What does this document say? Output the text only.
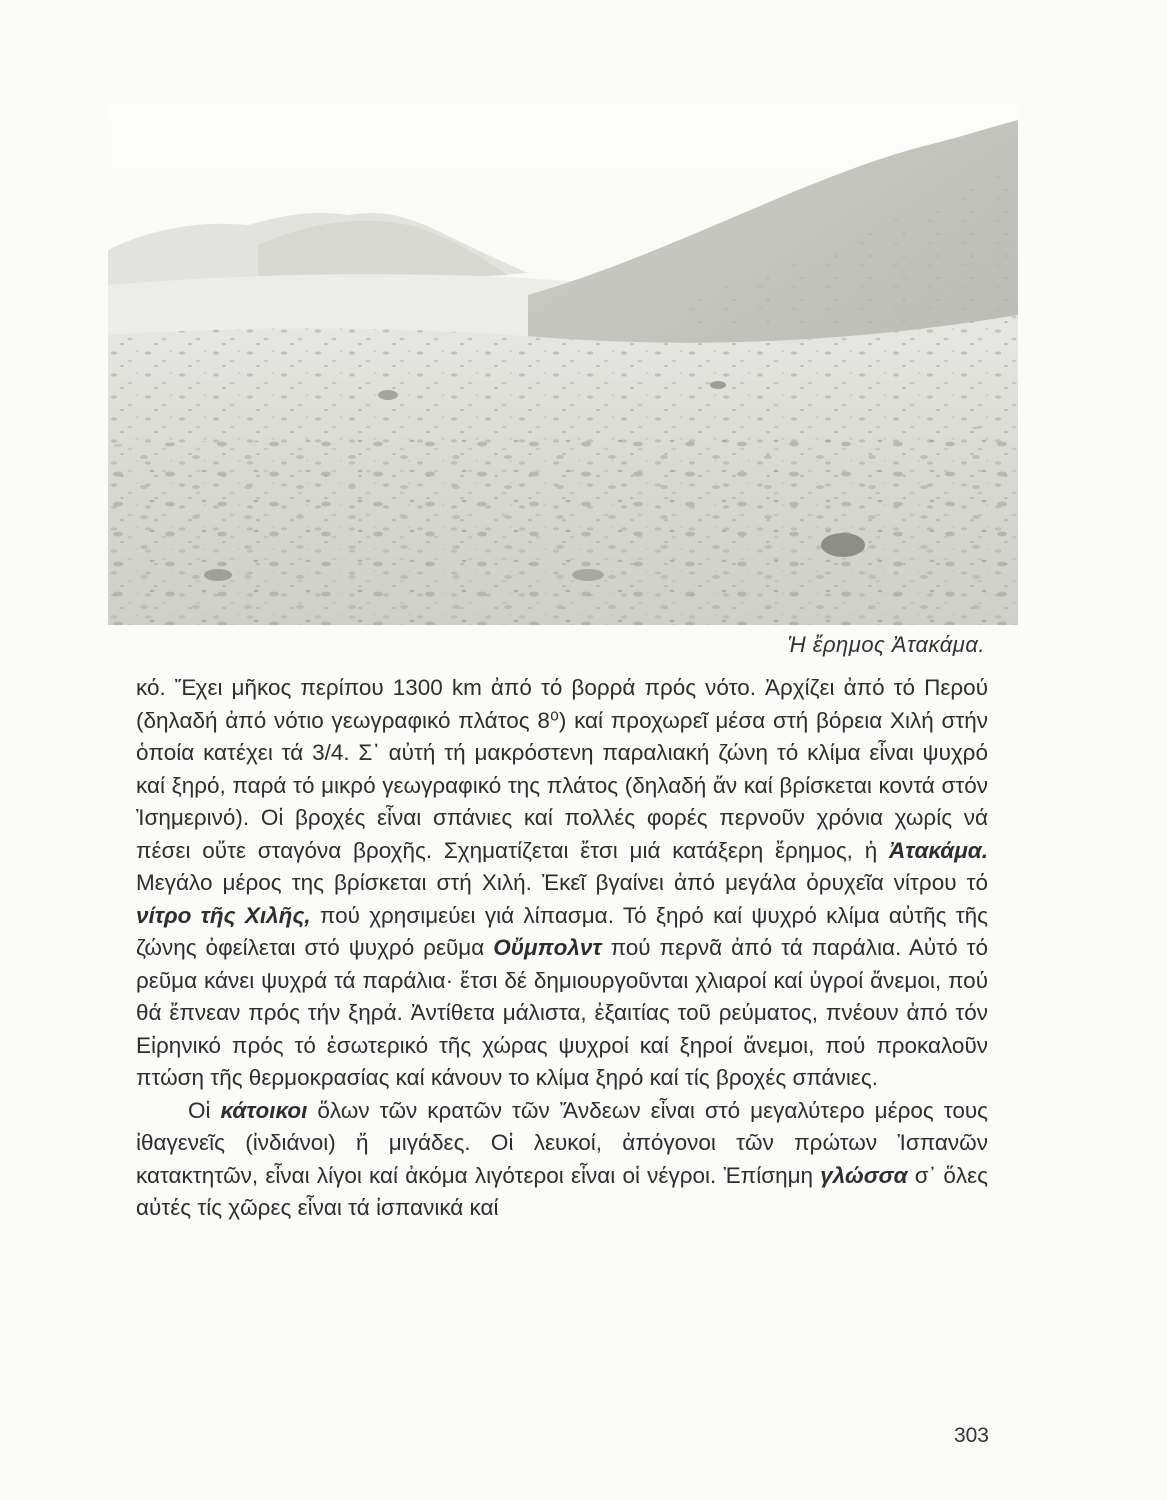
Ἡ ἔρημος Ἀτακάμα.

κό. Ἔχει μῆκος περίπου 1300 km ἀπό τό βορρά πρός νότο. Ἀρχίζει ἀπό τό Περού (δηλαδή ἀπό νότιο γεωγραφικό πλάτος 8⁰) καί προχωρεῖ μέσα στή βόρεια Χιλή στήν ὁποία κατέχει τά 3/4. Σ᾽ αὐτή τή μακρόστενη παραλιακή ζώνη τό κλίμα εἶναι ψυχρό καί ξηρό, παρά τό μικρό γεωγραφικό της πλάτος (δηλαδή ἄν καί βρίσκεται κοντά στόν Ἰσημερινό). Οἱ βροχές εἶναι σπάνιες καί πολλές φορές περνοῦν χρόνια χωρίς νά πέσει οὔτε σταγόνα βροχῆς. Σχηματίζεται ἔτσι μιά κατάξερη ἔρημος, ἡ Ἀτακάμα. Μεγάλο μέρος της βρίσκεται στή Χιλή. Ἐκεῖ βγαίνει ἀπό μεγάλα ὀρυχεῖα νίτρου τό νίτρο τῆς Χιλῆς, πού χρησιμεύει γιά λίπασμα. Τό ξηρό καί ψυχρό κλίμα αὐτῆς τῆς ζώνης ὀφείλεται στό ψυχρό ρεῦμα Οὔμπολντ πού περνᾶ ἀπό τά παράλια. Αὐτό τό ρεῦμα κάνει ψυχρά τά παράλια· ἔτσι δέ δημιουργοῦνται χλιαροί καί ὑγροί ἄνεμοι, πού θά ἔπνεαν πρός τήν ξηρά. Ἀντίθετα μάλιστα, ἐξαιτίας τοῦ ρεύματος, πνέουν ἀπό τόν Εἰρηνικό πρός τό ἐσωτερικό τῆς χώρας ψυχροί καί ξηροί ἄνεμοι, πού προκαλοῦν πτώση τῆς θερμοκρασίας καί κάνουν το κλίμα ξηρό καί τίς βροχές σπάνιες.

Οἱ κάτοικοι ὅλων τῶν κρατῶν τῶν Ἄνδεων εἶναι στό μεγαλύτερο μέρος τους ἰθαγενεῖς (ἰνδιάνοι) ἤ μιγάδες. Οἱ λευκοί, ἀπόγονοι τῶν πρώτων Ἰσπανῶν κατακτητῶν, εἶναι λίγοι καί ἀκόμα λιγότεροι εἶναι οἱ νέγροι. Ἐπίσημη γλώσσα σ᾽ ὅλες αὐτές τίς χῶρες εἶναι τά ἰσπανικά καί

303
